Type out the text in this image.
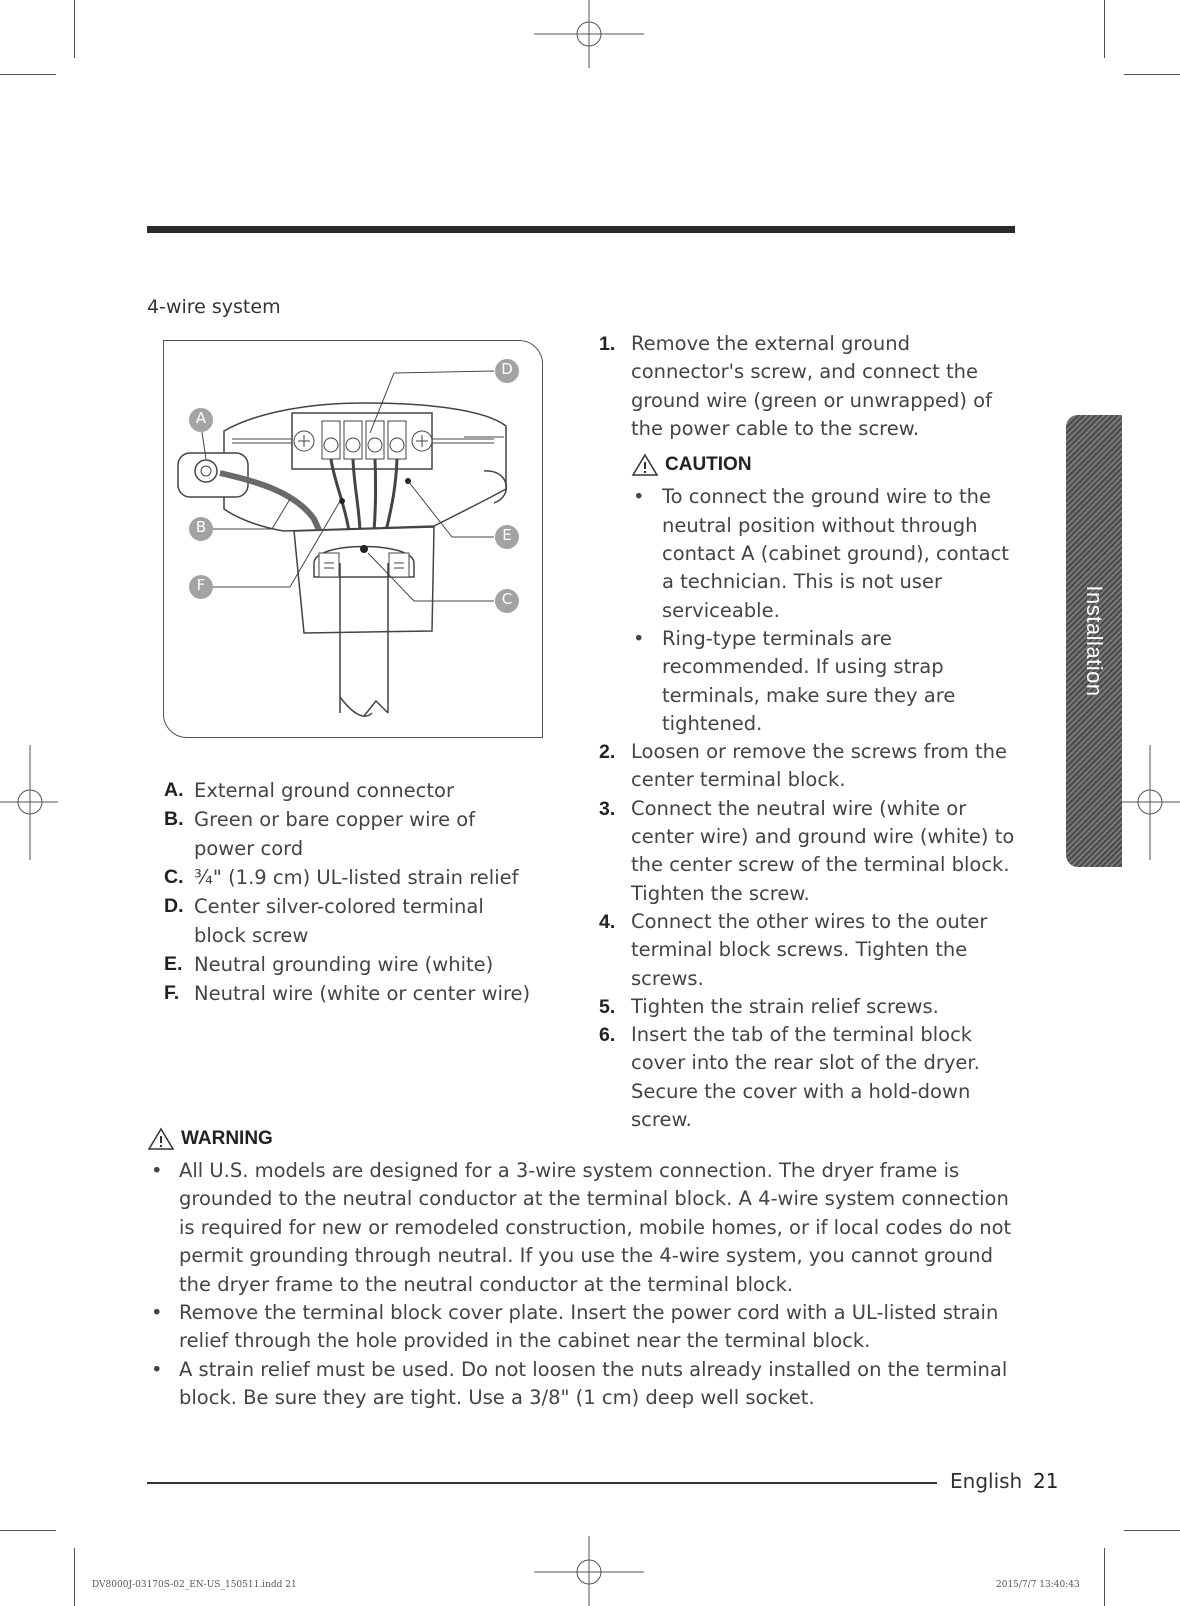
4-wire system
A
B
C
D
E
F
A. External ground connector
B. Green or bare copper wire of power cord
C. ¾" (1.9 cm) UL-listed strain relief
D. Center silver-colored terminal block screw
E. Neutral grounding wire (white)
F. Neutral wire (white or center wire)
1. Remove the external ground connector's screw, and connect the ground wire (green or unwrapped) of the power cable to the screw.
CAUTION
• To connect the ground wire to the neutral position without through contact A (cabinet ground), contact a technician. This is not user serviceable.
• Ring-type terminals are recommended. If using strap terminals, make sure they are tightened.
2. Loosen or remove the screws from the center terminal block.
3. Connect the neutral wire (white or center wire) and ground wire (white) to the center screw of the terminal block. Tighten the screw.
4. Connect the other wires to the outer terminal block screws. Tighten the screws.
5. Tighten the strain relief screws.
6. Insert the tab of the terminal block cover into the rear slot of the dryer. Secure the cover with a hold-down screw.
WARNING
• All U.S. models are designed for a 3-wire system connection. The dryer frame is grounded to the neutral conductor at the terminal block. A 4-wire system connection is required for new or remodeled construction, mobile homes, or if local codes do not permit grounding through neutral. If you use the 4-wire system, you cannot ground the dryer frame to the neutral conductor at the terminal block.
• Remove the terminal block cover plate. Insert the power cord with a UL-listed strain relief through the hole provided in the cabinet near the terminal block.
• A strain relief must be used. Do not loosen the nuts already installed on the terminal block. Be sure they are tight. Use a 3/8" (1 cm) deep well socket.
Installation
English 21
DV8000J-03170S-02_EN-US_150511.indd 21	2015/7/7 13:40:43
